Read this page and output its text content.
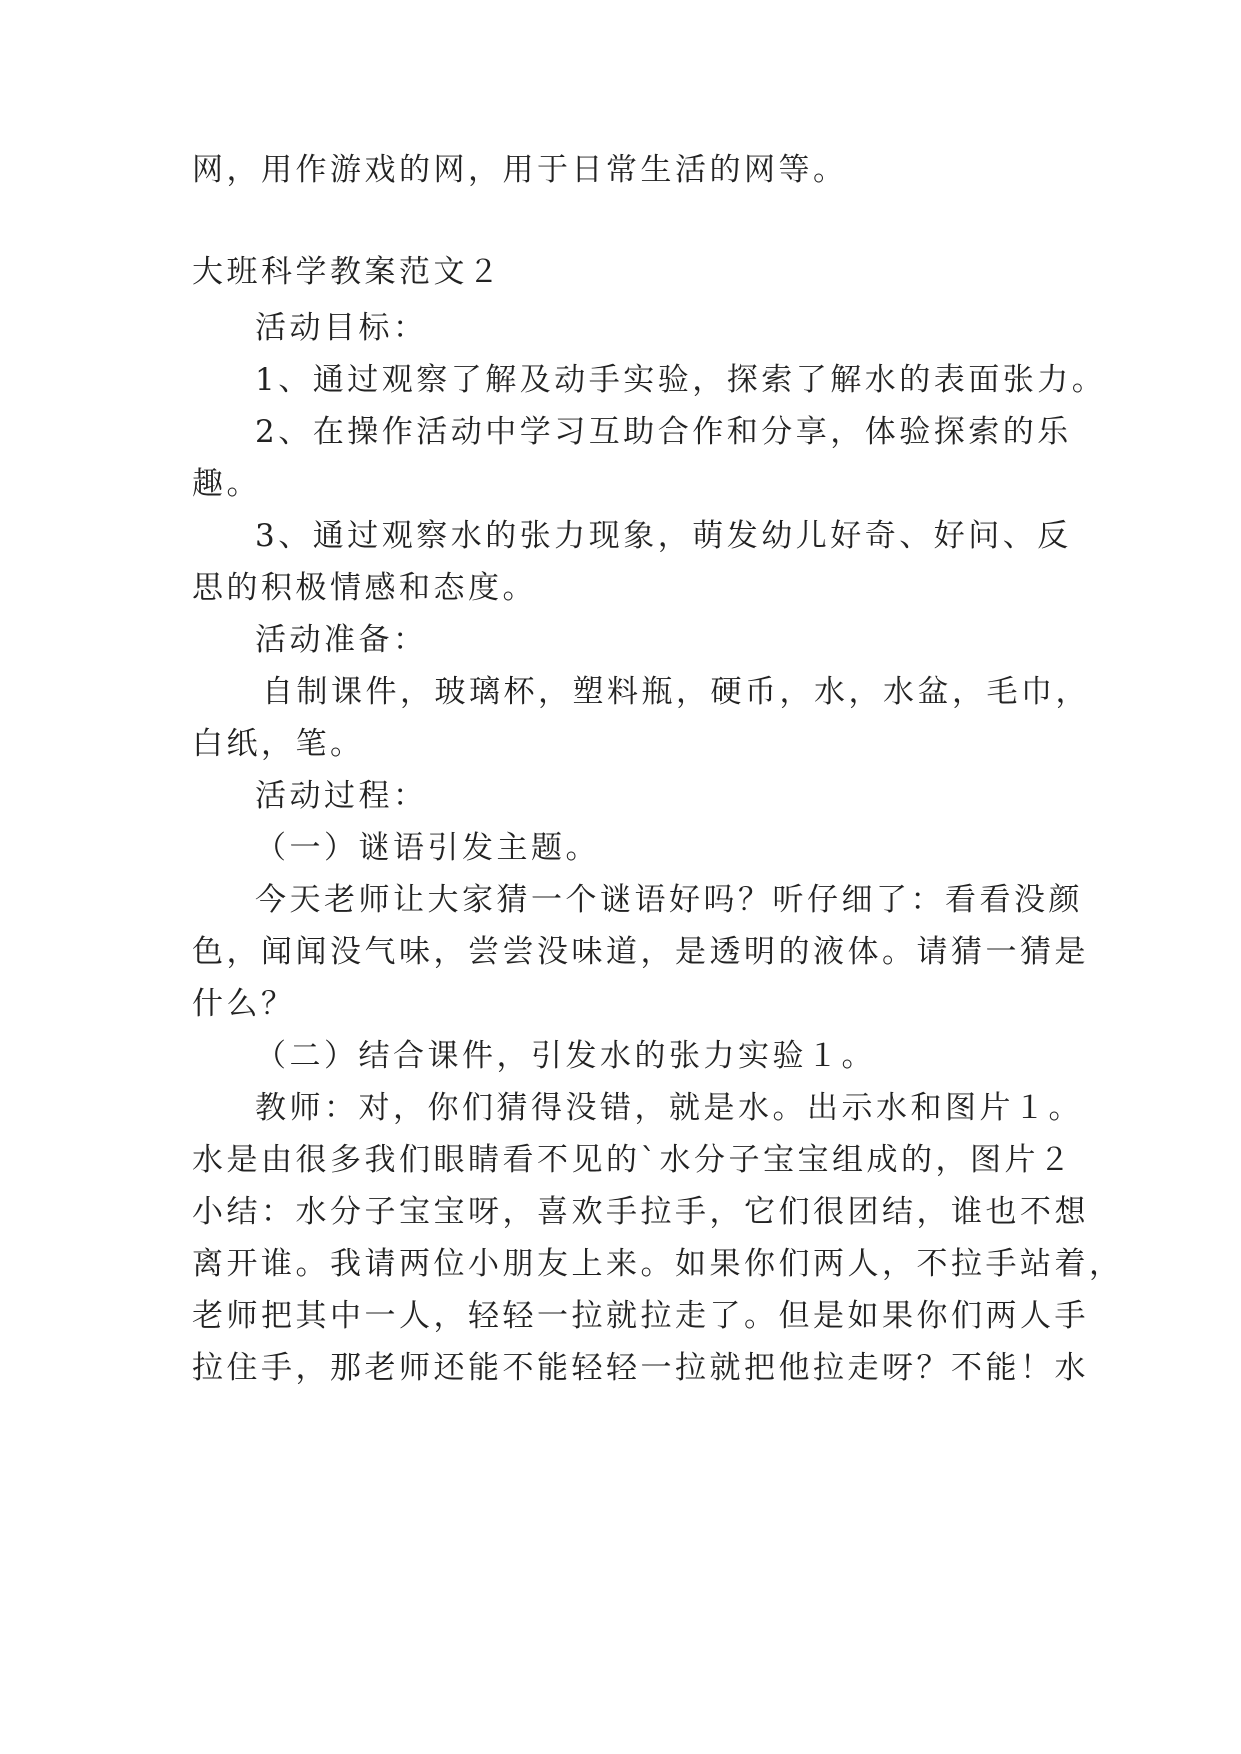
网，用作游戏的网，用于日常生活的网等。
大班科学教案范文２
活动目标：
1、通过观察了解及动手实验，探索了解水的表面张力。
2、在操作活动中学习互助合作和分享，体验探索的乐
趣。
3、通过观察水的张力现象，萌发幼儿好奇、好问、反
思的积极情感和态度。
活动准备：
自制课件，玻璃杯，塑料瓶，硬币，水，水盆，毛巾，
白纸，笔。
活动过程：
（一）谜语引发主题。
今天老师让大家猜一个谜语好吗？听仔细了：看看没颜
色，闻闻没气味，尝尝没味道，是透明的液体。请猜一猜是
什么？
（二）结合课件，引发水的张力实验１。
教师：对，你们猜得没错，就是水。出示水和图片１。
水是由很多我们眼睛看不见的`水分子宝宝组成的，图片２
小结：水分子宝宝呀，喜欢手拉手，它们很团结，谁也不想
离开谁。我请两位小朋友上来。如果你们两人，不拉手站着，
老师把其中一人，轻轻一拉就拉走了。但是如果你们两人手
拉住手，那老师还能不能轻轻一拉就把他拉走呀？不能！水
